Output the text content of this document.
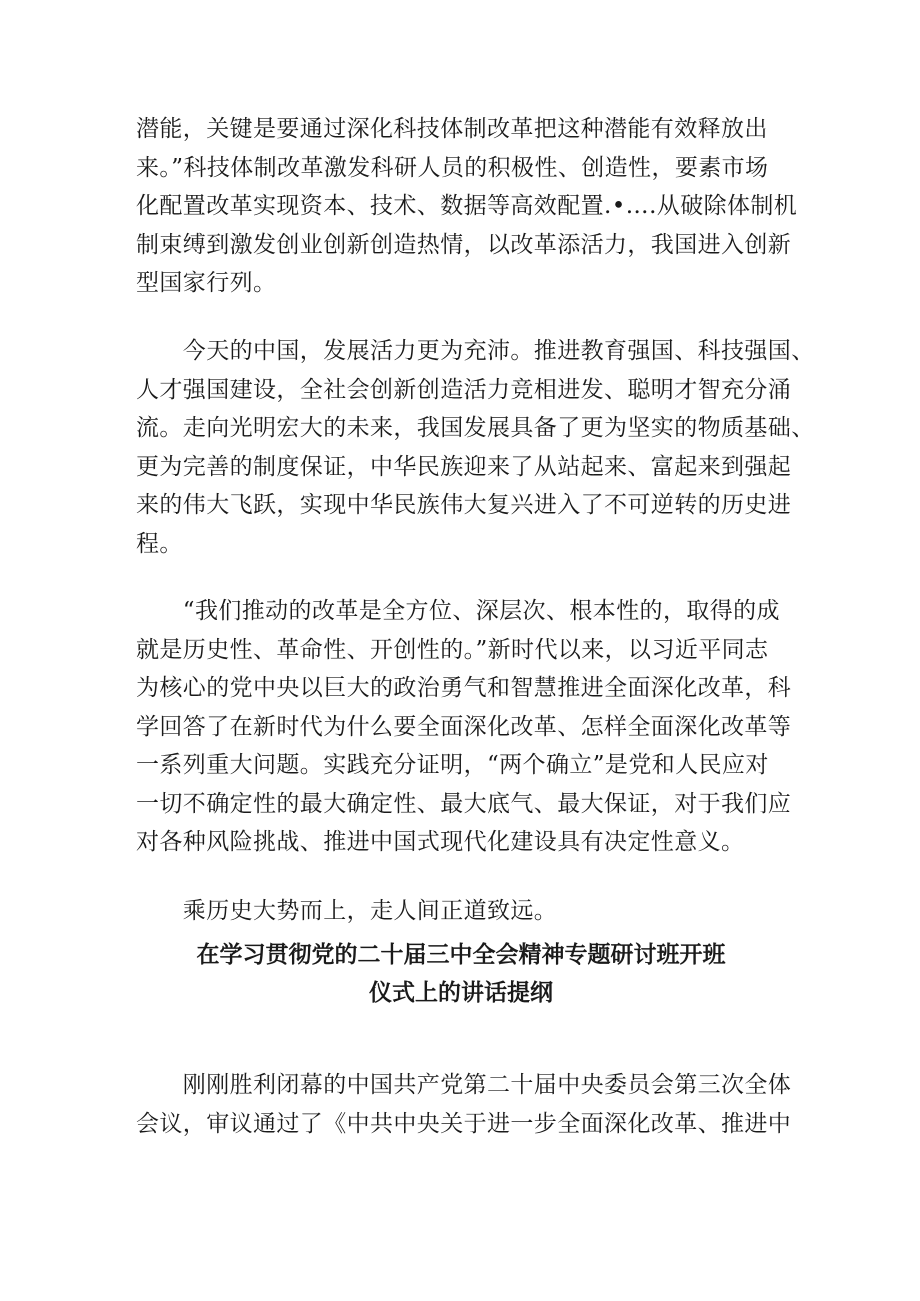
潜能，关键是要通过深化科技体制改革把这种潜能有效释放出
来。”科技体制改革激发科研人员的积极性、创造性，要素市场
化配置改革实现资本、技术、数据等高效配置.•….从破除体制机
制束缚到激发创业创新创造热情，以改革添活力，我国进入创新
型国家行列。
　　今天的中国，发展活力更为充沛。推进教育强国、科技强国、
人才强国建设，全社会创新创造活力竞相进发、聪明才智充分涌
流。走向光明宏大的未来，我国发展具备了更为坚实的物质基础、
更为完善的制度保证，中华民族迎来了从站起来、富起来到强起
来的伟大飞跃，实现中华民族伟大复兴进入了不可逆转的历史进
程。
　　“我们推动的改革是全方位、深层次、根本性的，取得的成
就是历史性、革命性、开创性的。”新时代以来，以习近平同志
为核心的党中央以巨大的政治勇气和智慧推进全面深化改革，科
学回答了在新时代为什么要全面深化改革、怎样全面深化改革等
一系列重大问题。实践充分证明，“两个确立”是党和人民应对
一切不确定性的最大确定性、最大底气、最大保证，对于我们应
对各种风险挑战、推进中国式现代化建设具有决定性意义。
　　乘历史大势而上，走人间正道致远。
在学习贯彻党的二十届三中全会精神专题研讨班开班
仪式上的讲话提纲
　　刚刚胜利闭幕的中国共产党第二十届中央委员会第三次全体
会议，审议通过了《中共中央关于进一步全面深化改革、推进中
